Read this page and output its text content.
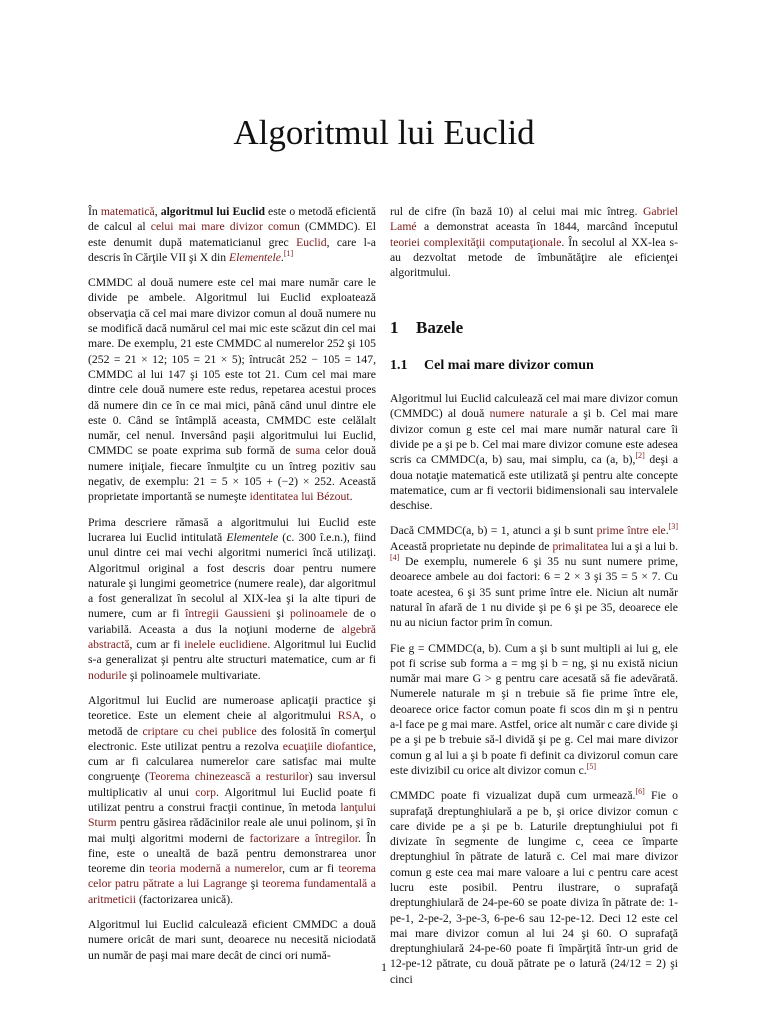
Algoritmul lui Euclid

În matematică, algoritmul lui Euclid este o metodă eficientă de calcul al celui mai mare divizor comun (CMMDC). El este denumit după matematicianul grec Euclid, care l-a descris în Cărţile VII şi X din Elementele.[1]

CMMDC al două numere este cel mai mare număr care le divide pe ambele. Algoritmul lui Euclid exploatează observaţia că cel mai mare divizor comun al două numere nu se modifică dacă numărul cel mai mic este scăzut din cel mai mare. De exemplu, 21 este CMMDC al numerelor 252 şi 105 (252 = 21 × 12; 105 = 21 × 5); întrucât 252 − 105 = 147, CMMDC al lui 147 şi 105 este tot 21. Cum cel mai mare dintre cele două numere este redus, repetarea acestui proces dă numere din ce în ce mai mici, până când unul dintre ele este 0. Când se întâmplă aceasta, CMMDC este celălalt număr, cel nenul. Inversând paşii algoritmului lui Euclid, CMMDC se poate exprima sub formă de suma celor două numere iniţiale, fiecare înmulţite cu un întreg pozitiv sau negativ, de exemplu: 21 = 5 × 105 + (−2) × 252. Această proprietate importantă se numeşte identitatea lui Bézout.

Prima descriere rămasă a algoritmului lui Euclid este lucrarea lui Euclid intitulată Elementele (c. 300 î.e.n.), fiind unul dintre cei mai vechi algoritmi numerici încă utilizaţi. Algoritmul original a fost descris doar pentru numere naturale şi lungimi geometrice (numere reale), dar algoritmul a fost generalizat în secolul al XIX-lea şi la alte tipuri de numere, cum ar fi întregii Gaussieni şi polinoamele de o variabilă. Aceasta a dus la noţiuni moderne de algebră abstractă, cum ar fi inelele euclidiene. Algoritmul lui Euclid s-a generalizat şi pentru alte structuri matematice, cum ar fi nodurile şi polinoamele multivariate.

Algoritmul lui Euclid are numeroase aplicaţii practice şi teoretice. Este un element cheie al algoritmului RSA, o metodă de criptare cu chei publice des folosită în comerţul electronic. Este utilizat pentru a rezolva ecuaţiile diofantice, cum ar fi calcularea numerelor care satisfac mai multe congruenţe (Teorema chinezească a resturilor) sau inversul multiplicativ al unui corp. Algoritmul lui Euclid poate fi utilizat pentru a construi fracţii continue, în metoda lanţului Sturm pentru găsirea rădăcinilor reale ale unui polinom, şi în mai mulţi algoritmi moderni de factorizare a întregilor. În fine, este o unealtă de bază pentru demonstrarea unor teoreme din teoria modernă a numerelor, cum ar fi teorema celor patru pătrate a lui Lagrange şi teorema fundamentală a aritmeticii (factorizarea unică).

Algoritmul lui Euclid calculează eficient CMMDC a două numere oricât de mari sunt, deoarece nu necesită niciodată un număr de paşi mai mare decât de cinci ori numă-

rul de cifre (în bază 10) al celui mai mic întreg. Gabriel Lamé a demonstrat aceasta în 1844, marcând începutul teoriei complexităţii computaţionale. În secolul al XX-lea s-au dezvoltat metode de îmbunătăţire ale eficienţei algoritmului.

1 Bazele
1.1 Cel mai mare divizor comun

Algoritmul lui Euclid calculează cel mai mare divizor comun (CMMDC) al două numere naturale a şi b. Cel mai mare divizor comun g este cel mai mare număr natural care îi divide pe a şi pe b. Cel mai mare divizor comune este adesea scris ca CMMDC(a, b) sau, mai simplu, ca (a, b),[2] deşi a doua notaţie matematică este utilizată şi pentru alte concepte matematice, cum ar fi vectorii bidimensionali sau intervalele deschise.

Dacă CMMDC(a, b) = 1, atunci a şi b sunt prime între ele.[3] Această proprietate nu depinde de primalitatea lui a şi a lui b.[4] De exemplu, numerele 6 şi 35 nu sunt numere prime, deoarece ambele au doi factori: 6 = 2 × 3 şi 35 = 5 × 7. Cu toate acestea, 6 şi 35 sunt prime între ele. Niciun alt număr natural în afară de 1 nu divide şi pe 6 şi pe 35, deoarece ele nu au niciun factor prim în comun.

Fie g = CMMDC(a, b). Cum a şi b sunt multipli ai lui g, ele pot fi scrise sub forma a = mg şi b = ng, şi nu există niciun număr mai mare G > g pentru care acesată să fie adevărată. Numerele naturale m şi n trebuie să fie prime între ele, deoarece orice factor comun poate fi scos din m şi n pentru a-l face pe g mai mare. Astfel, orice alt număr c care divide şi pe a şi pe b trebuie să-l dividă şi pe g. Cel mai mare divizor comun g al lui a şi b poate fi definit ca divizorul comun care este divizibil cu orice alt divizor comun c.[5]

CMMDC poate fi vizualizat după cum urmează.[6] Fie o suprafaţă dreptunghiulară a pe b, şi orice divizor comun c care divide pe a şi pe b. Laturile dreptunghiului pot fi divizate în segmente de lungime c, ceea ce împarte dreptunghiul în pătrate de latură c. Cel mai mare divizor comun g este cea mai mare valoare a lui c pentru care acest lucru este posibil. Pentru ilustrare, o suprafaţă dreptunghiulară de 24-pe-60 se poate diviza în pătrate de: 1-pe-1, 2-pe-2, 3-pe-3, 6-pe-6 sau 12-pe-12. Deci 12 este cel mai mare divizor comun al lui 24 şi 60. O suprafaţă dreptunghiulară 24-pe-60 poate fi împărţită într-un grid de 12-pe-12 pătrate, cu două pătrate pe o latură (24/12 = 2) şi cinci

1
